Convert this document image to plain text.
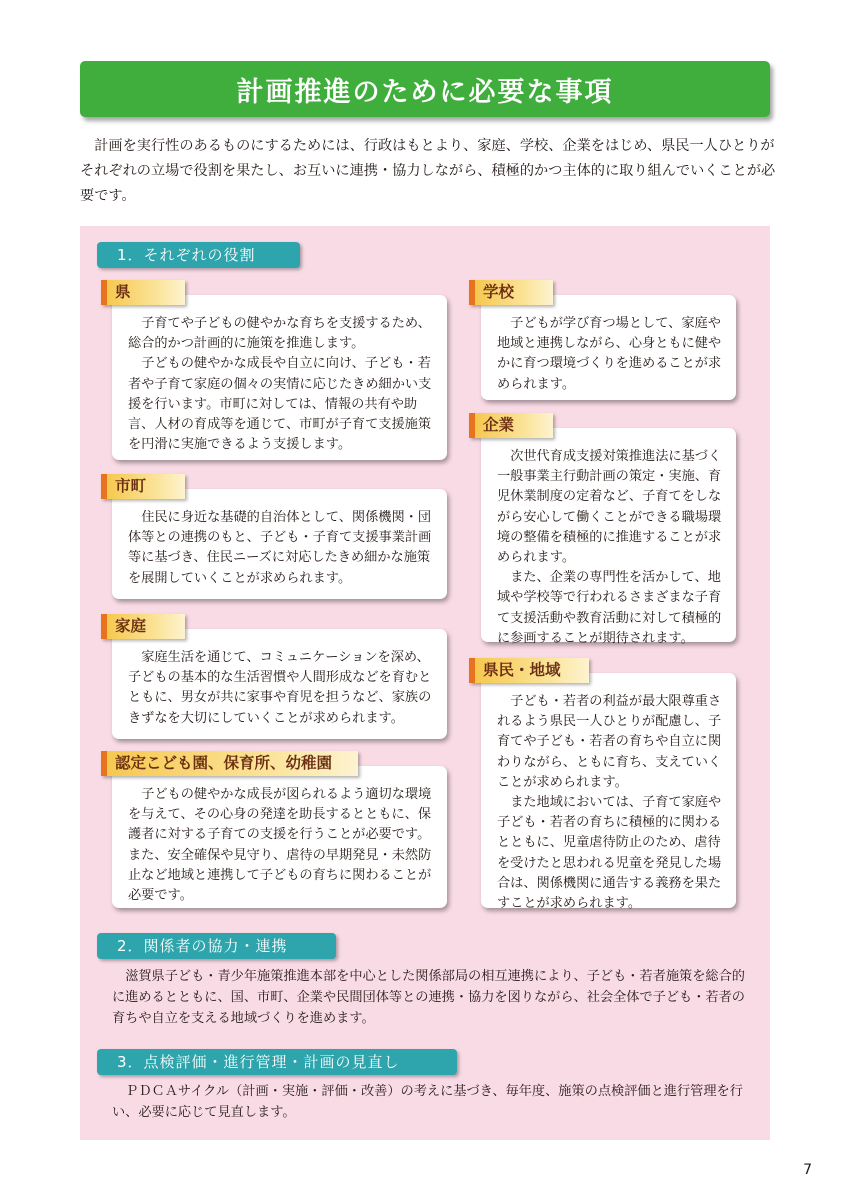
計画推進のために必要な事項

計画を実行性のあるものにするためには、行政はもとより、家庭、学校、企業をはじめ、県民一人ひとりがそれぞれの立場で役割を果たし、お互いに連携・協力しながら、積極的かつ主体的に取り組んでいくことが必要です。

1．それぞれの役割
県

子育てや子どもの健やかな育ちを支援するため、総合的かつ計画的に施策を推進します。

子どもの健やかな成長や自立に向け、子ども・若者や子育て家庭の個々の実情に応じたきめ細かい支援を行います。市町に対しては、情報の共有や助言、人材の育成等を通じて、市町が子育て支援施策を円滑に実施できるよう支援します。

市町

住民に身近な基礎的自治体として、関係機関・団体等との連携のもと、子ども・子育て支援事業計画等に基づき、住民ニーズに対応したきめ細かな施策を展開していくことが求められます。

家庭

家庭生活を通じて、コミュニケーションを深め、子どもの基本的な生活習慣や人間形成などを育むとともに、男女が共に家事や育児を担うなど、家族のきずなを大切にしていくことが求められます。

認定こども園、保育所、幼稚園

子どもの健やかな成長が図られるよう適切な環境を与えて、その心身の発達を助長するとともに、保護者に対する子育ての支援を行うことが必要です。また、安全確保や見守り、虐待の早期発見・未然防止など地域と連携して子どもの育ちに関わることが必要です。

学校

子どもが学び育つ場として、家庭や地域と連携しながら、心身ともに健やかに育つ環境づくりを進めることが求められます。

企業

次世代育成支援対策推進法に基づく一般事業主行動計画の策定・実施、育児休業制度の定着など、子育てをしながら安心して働くことができる職場環境の整備を積極的に推進することが求められます。

また、企業の専門性を活かして、地域や学校等で行われるさまざまな子育て支援活動や教育活動に対して積極的に参画することが期待されます。

県民・地域

子ども・若者の利益が最大限尊重されるよう県民一人ひとりが配慮し、子育てや子ども・若者の育ちや自立に関わりながら、ともに育ち、支えていくことが求められます。

また地域においては、子育て家庭や子ども・若者の育ちに積極的に関わるとともに、児童虐待防止のため、虐待を受けたと思われる児童を発見した場合は、関係機関に通告する義務を果たすことが求められます。

2．関係者の協力・連携

滋賀県子ども・青少年施策推進本部を中心とした関係部局の相互連携により、子ども・若者施策を総合的に進めるとともに、国、市町、企業や民間団体等との連携・協力を図りながら、社会全体で子ども・若者の育ちや自立を支える地域づくりを進めます。

3．点検評価・進行管理・計画の見直し

ＰＤＣＡサイクル（計画・実施・評価・改善）の考えに基づき、毎年度、施策の点検評価と進行管理を行い、必要に応じて見直します。

7
